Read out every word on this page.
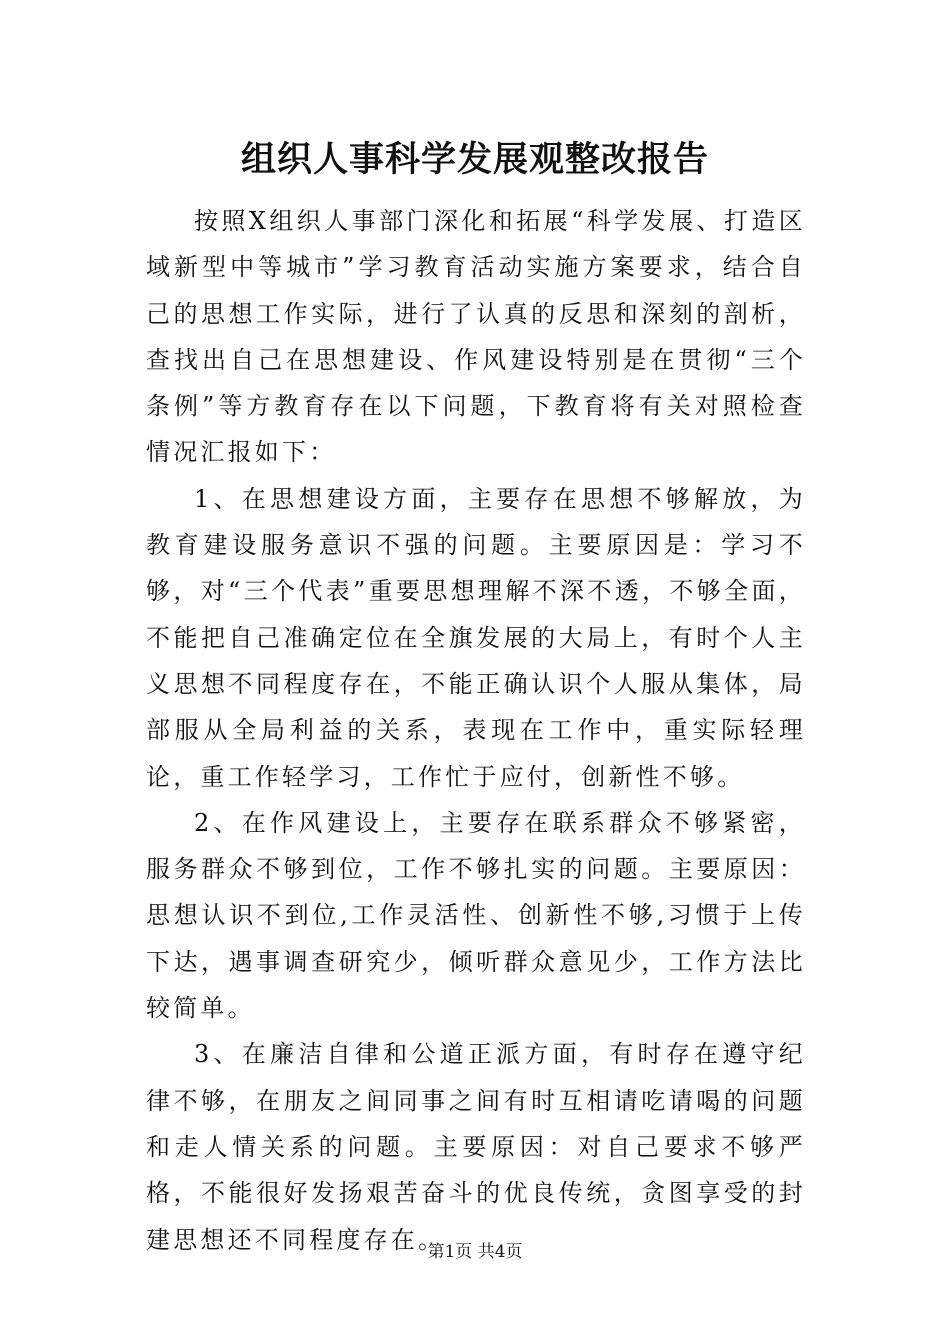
组织人事科学发展观整改报告

按照X组织人事部门深化和拓展“科学发展、打造区域新型中等城市”学习教育活动实施方案要求，结合自己的思想工作实际，进行了认真的反思和深刻的剖析，查找出自己在思想建设、作风建设特别是在贯彻“三个条例”等方教育存在以下问题，下教育将有关对照检查情况汇报如下：

1、在思想建设方面，主要存在思想不够解放，为教育建设服务意识不强的问题。主要原因是：学习不够，对“三个代表”重要思想理解不深不透，不够全面，不能把自己准确定位在全旗发展的大局上，有时个人主义思想不同程度存在，不能正确认识个人服从集体，局部服从全局利益的关系，表现在工作中，重实际轻理论，重工作轻学习，工作忙于应付，创新性不够。

2、在作风建设上，主要存在联系群众不够紧密，服务群众不够到位，工作不够扎实的问题。主要原因：思想认识不到位,工作灵活性、创新性不够,习惯于上传下达，遇事调查研究少，倾听群众意见少，工作方法比较简单。

3、在廉洁自律和公道正派方面，有时存在遵守纪律不够，在朋友之间同事之间有时互相请吃请喝的问题和走人情关系的问题。主要原因：对自己要求不够严格，不能很好发扬艰苦奋斗的优良传统，贪图享受的封建思想还不同程度存在。

第1页 共4页
